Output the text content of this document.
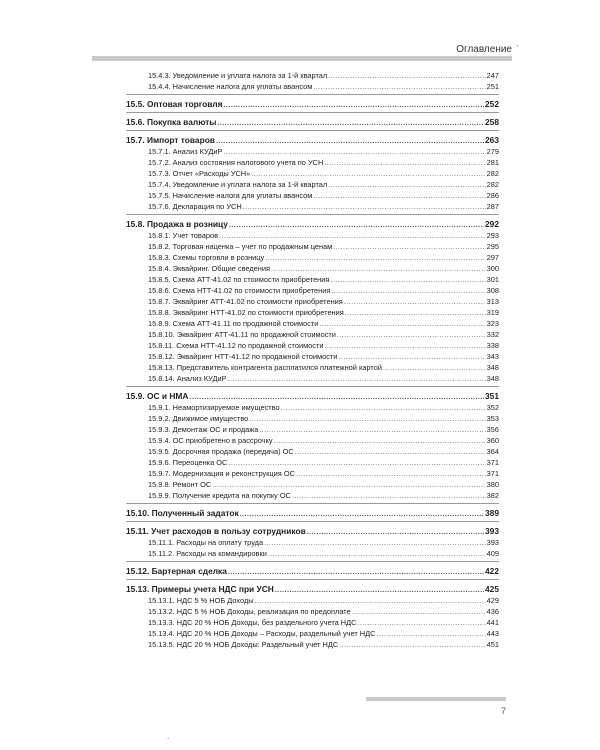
Оглавление '
15.4.3. Уведомление и уплата налога за 1-й квартал .....	247
15.4.4. Начисление налога для уплаты авансом .....	251
15.5. Оптовая торговля .....	252
15.6. Покупка валюты .....	258
15.7. Импорт товаров .....	263
15.7.1. Анализ КУДиР .....	279
15.7.2. Анализ состояния налогового учета по УСН .....	281
15.7.3. Отчет «Расходы УСН» .....	282
15.7.4. Уведомление и уплата налога за 1-й квартал .....	282
15.7.5. Начисление налога для уплаты авансом .....	286
15.7.6. Декларация по УСН .....	287
15.8. Продажа в розницу .....	292
15.8.1. Учет товаров .....	293
15.8.2. Торговая наценка – учет по продажным ценам .....	295
15.8.3. Схемы торговли в розницу .....	297
15.8.4. Эквайринг. Общие сведения .....	300
15.8.5. Схема АТТ-41.02 по стоимости приобретения .....	301
15.8.6. Схема НТТ-41.02 по стоимости приобретения .....	308
15.8.7. Эквайринг АТТ-41.02 по стоимости приобретения .....	313
15.8.8. Эквайринг НТТ-41.02 по стоимости приобретения .....	319
15.8.9. Схема АТТ-41.11 по продажной стоимости .....	323
15.8.10. Эквайринг АТТ-41.11 по продажной стоимости .....	332
15.8.11. Схема НТТ-41.12 по продажной стоимости .....	338
15.8.12. Эквайринг НТТ-41.12 по продажной стоимости .....	343
15.8.13. Представитель контрагента расплатился платежной картой .....	348
15.8.14. Анализ КУДиР .....	348
15.9. ОС и НМА .....	351
15.9.1. Неамортизируемое имущество .....	352
15.9.2. Движимое имущество .....	353
15.9.3. Демонтаж ОС и продажа .....	356
15.9.4. ОС приобретено в рассрочку .....	360
15.9.5. Досрочная продажа (передача) ОС .....	364
15.9.6. Переоценка ОС .....	371
15.9.7. Модернизация и реконструкция ОС .....	371
15.9.8. Ремонт ОС .....	380
15.9.9. Получение кредита на покупку ОС .....	382
15.10. Полученный задаток .....	389
15.11. Учет расходов в пользу сотрудников .....	393
15.11.1. Расходы на оплату труда .....	393
15.11.2. Расходы на командировки .....	409
15.12. Бартерная сделка .....	422
15.13. Примеры учета НДС при УСН .....	425
15.13.1. НДС 5 % НОБ Доходы .....	429
15.13.2. НДС 5 % НОБ Доходы, реализация по предоплате .....	436
15.13.3. НДС 20 % НОБ Доходы, без раздельного учета НДС .....	441
15.13.4. НДС 20 % НОБ Доходы – Расходы, раздельный учет НДС .....	443
15.13.5. НДС 20 % НОБ Доходы: Раздельный учет НДС .....	451
7
.
